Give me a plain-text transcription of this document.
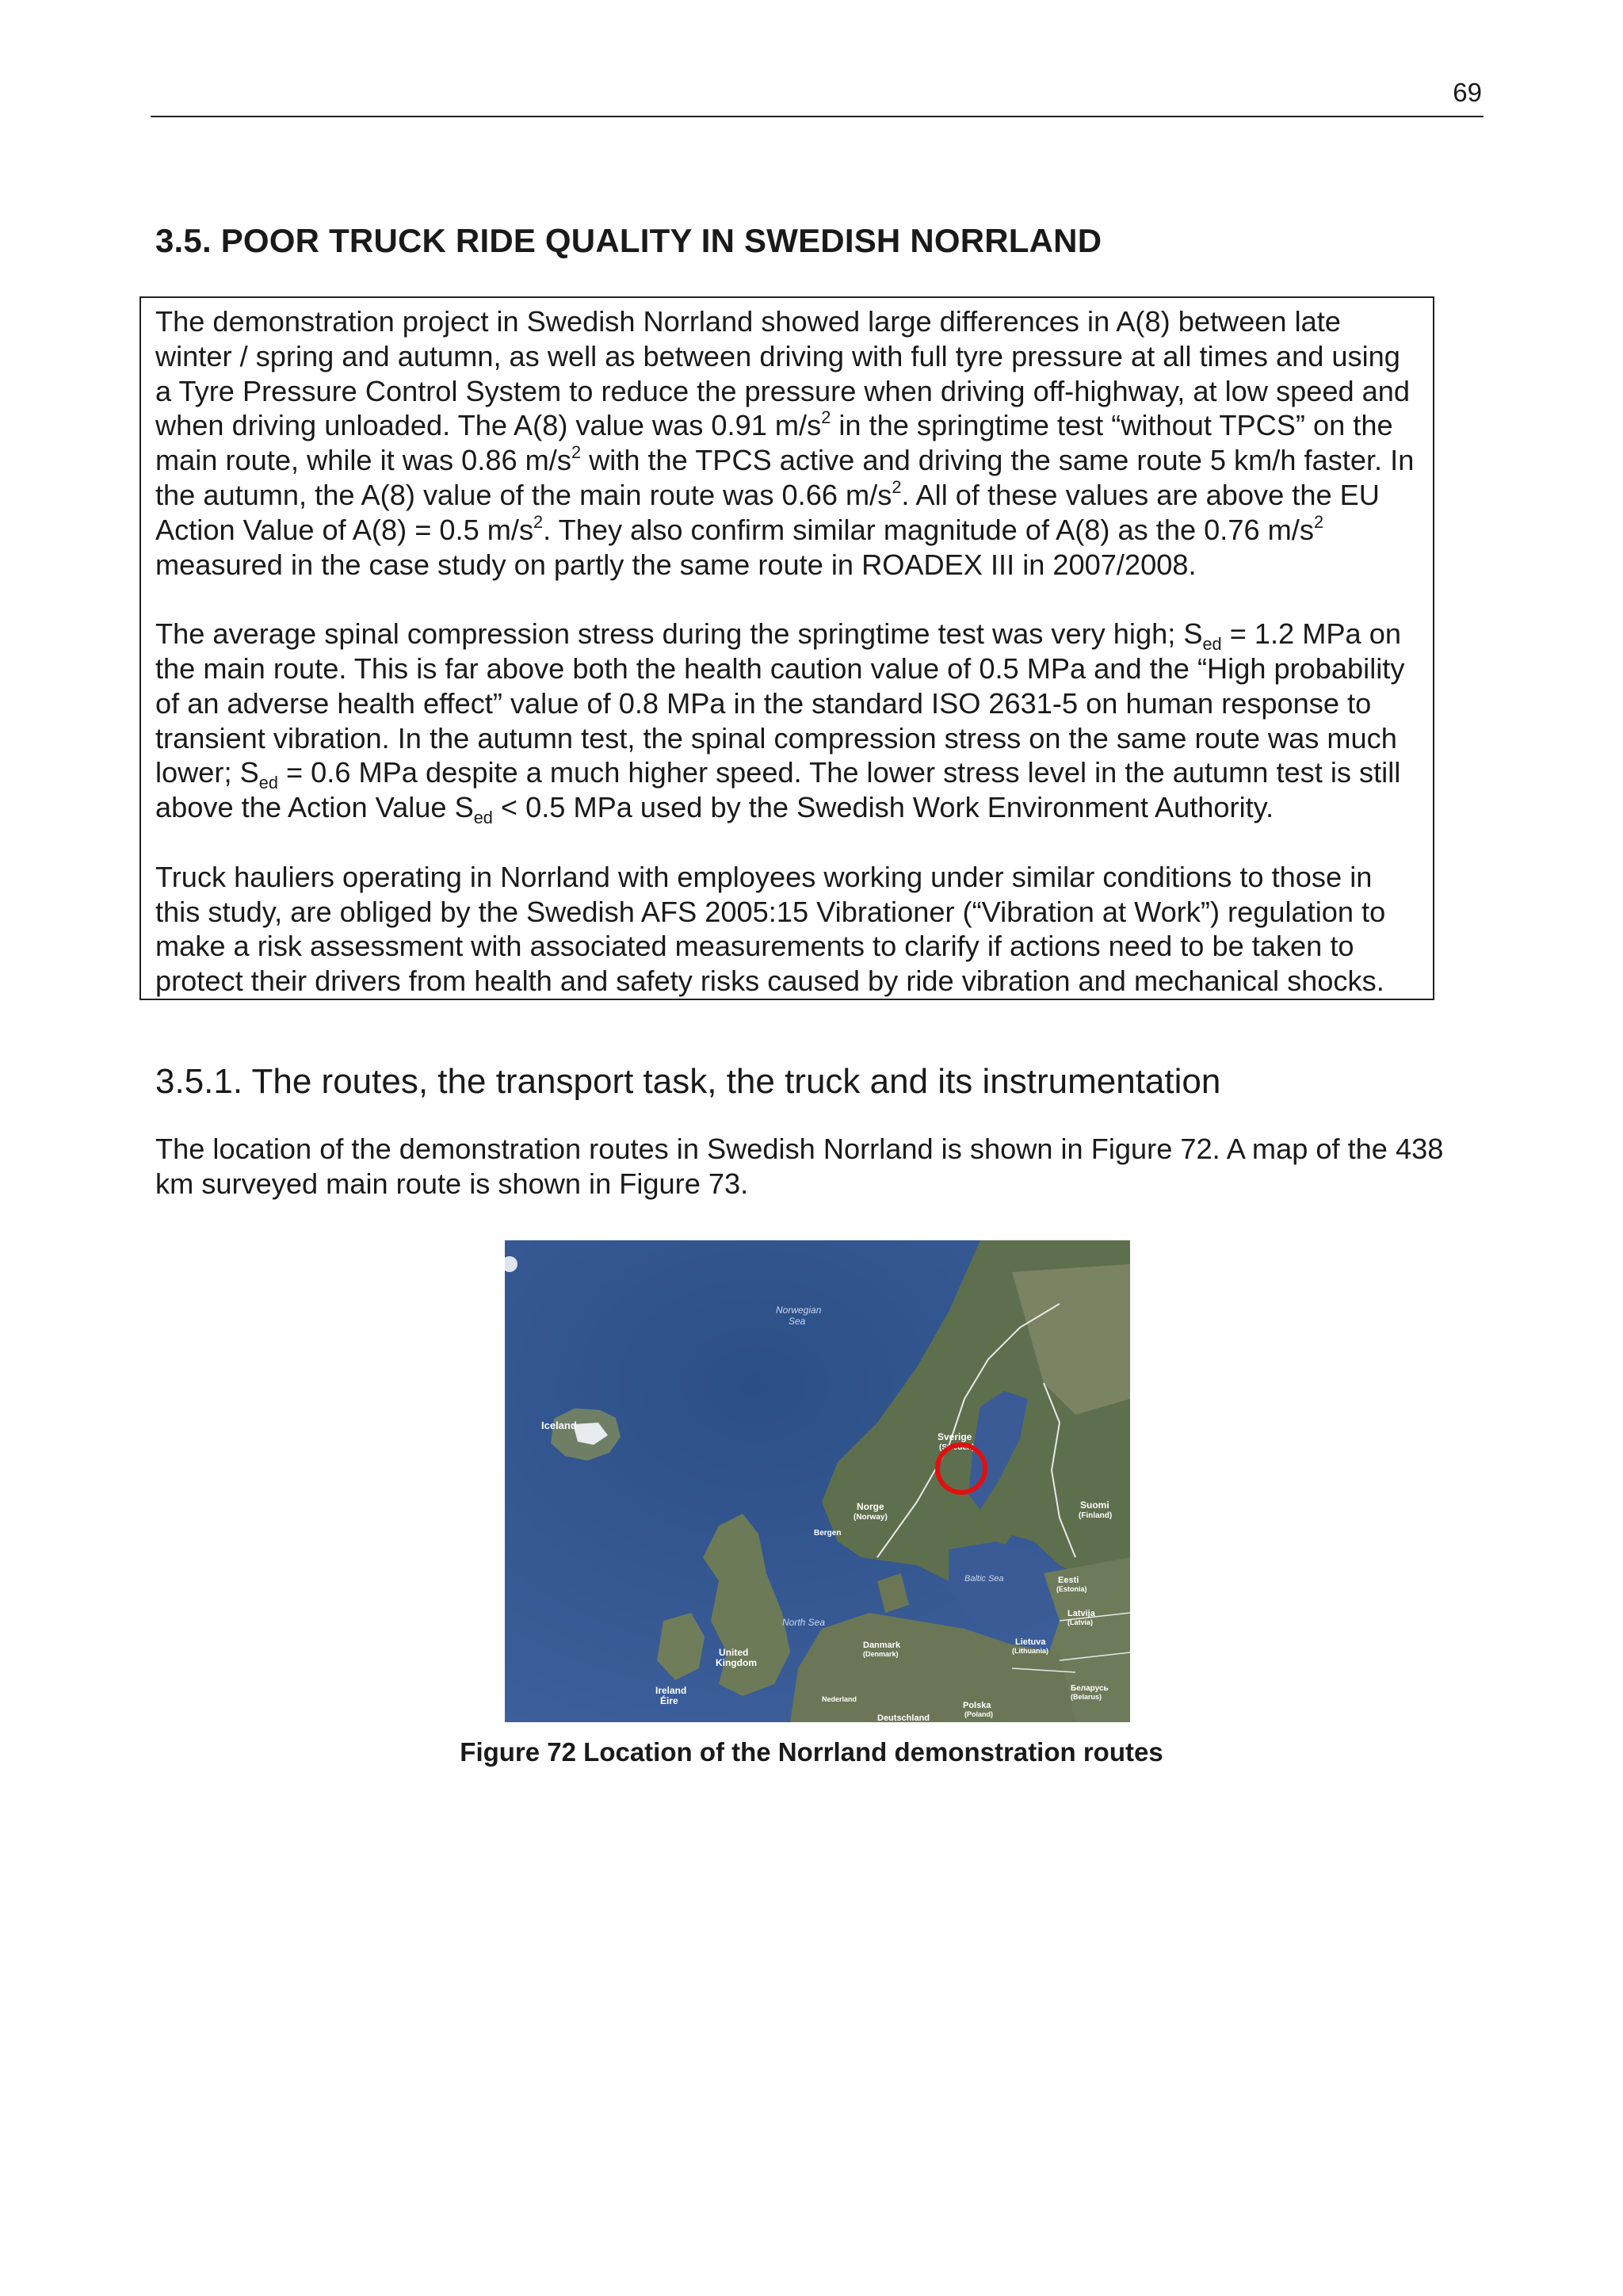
69
3.5. POOR TRUCK RIDE QUALITY IN SWEDISH NORRLAND

The demonstration project in Swedish Norrland showed large differences in A(8) between late winter / spring and autumn, as well as between driving with full tyre pressure at all times and using a Tyre Pressure Control System to reduce the pressure when driving off-highway, at low speed and when driving unloaded. The A(8) value was 0.91 $m/s^2$ in the springtime test “without TPCS” on the main route, while it was 0.86 $m/s^2$ with the TPCS active and driving the same route 5 km/h faster. In the autumn, the A(8) value of the main route was 0.66 $m/s^2$. All of these values are above the EU Action Value of A(8) = 0.5 $m/s^2$. They also confirm similar magnitude of A(8) as the 0.76 $m/s^2$ measured in the case study on partly the same route in ROADEX III in 2007/2008.

The average spinal compression stress during the springtime test was very high; $S_{ed} = 1.2$ MPa on the main route. This is far above both the health caution value of 0.5 MPa and the “High probability of an adverse health effect” value of 0.8 MPa in the standard ISO 2631-5 on human response to transient vibration. In the autumn test, the spinal compression stress on the same route was much lower; $S_{ed} = 0.6$ MPa despite a much higher speed. The lower stress level in the autumn test is still above the Action Value $S_{ed} < 0.5$ MPa used by the Swedish Work Environment Authority.

Truck hauliers operating in Norrland with employees working under similar conditions to those in this study, are obliged by the Swedish AFS 2005:15 Vibrationer (“Vibration at Work”) regulation to make a risk assessment with associated measurements to clarify if actions need to be taken to protect their drivers from health and safety risks caused by ride vibration and mechanical shocks.

3.5.1. The routes, the transport task, the truck and its instrumentation

The location of the demonstration routes in Swedish Norrland is shown in Figure 72. A map of the 438 km surveyed main route is shown in Figure 73.

Norwegian
Sea
Iceland
Sverige
(Sweden)
Norge
(Norway)
Suomi
(Finland)
Bergen
Baltic Sea
North Sea
Eesti
(Estonia)
Latvija
(Latvia)
Lietuva
(Lithuania)
Danmark
(Denmark)
United
Kingdom
Ireland
Éire	Nederland
Polska
(Poland)
Deutschland
Беларусь
(Belarus)

Figure 72 Location of the Norrland demonstration routes
